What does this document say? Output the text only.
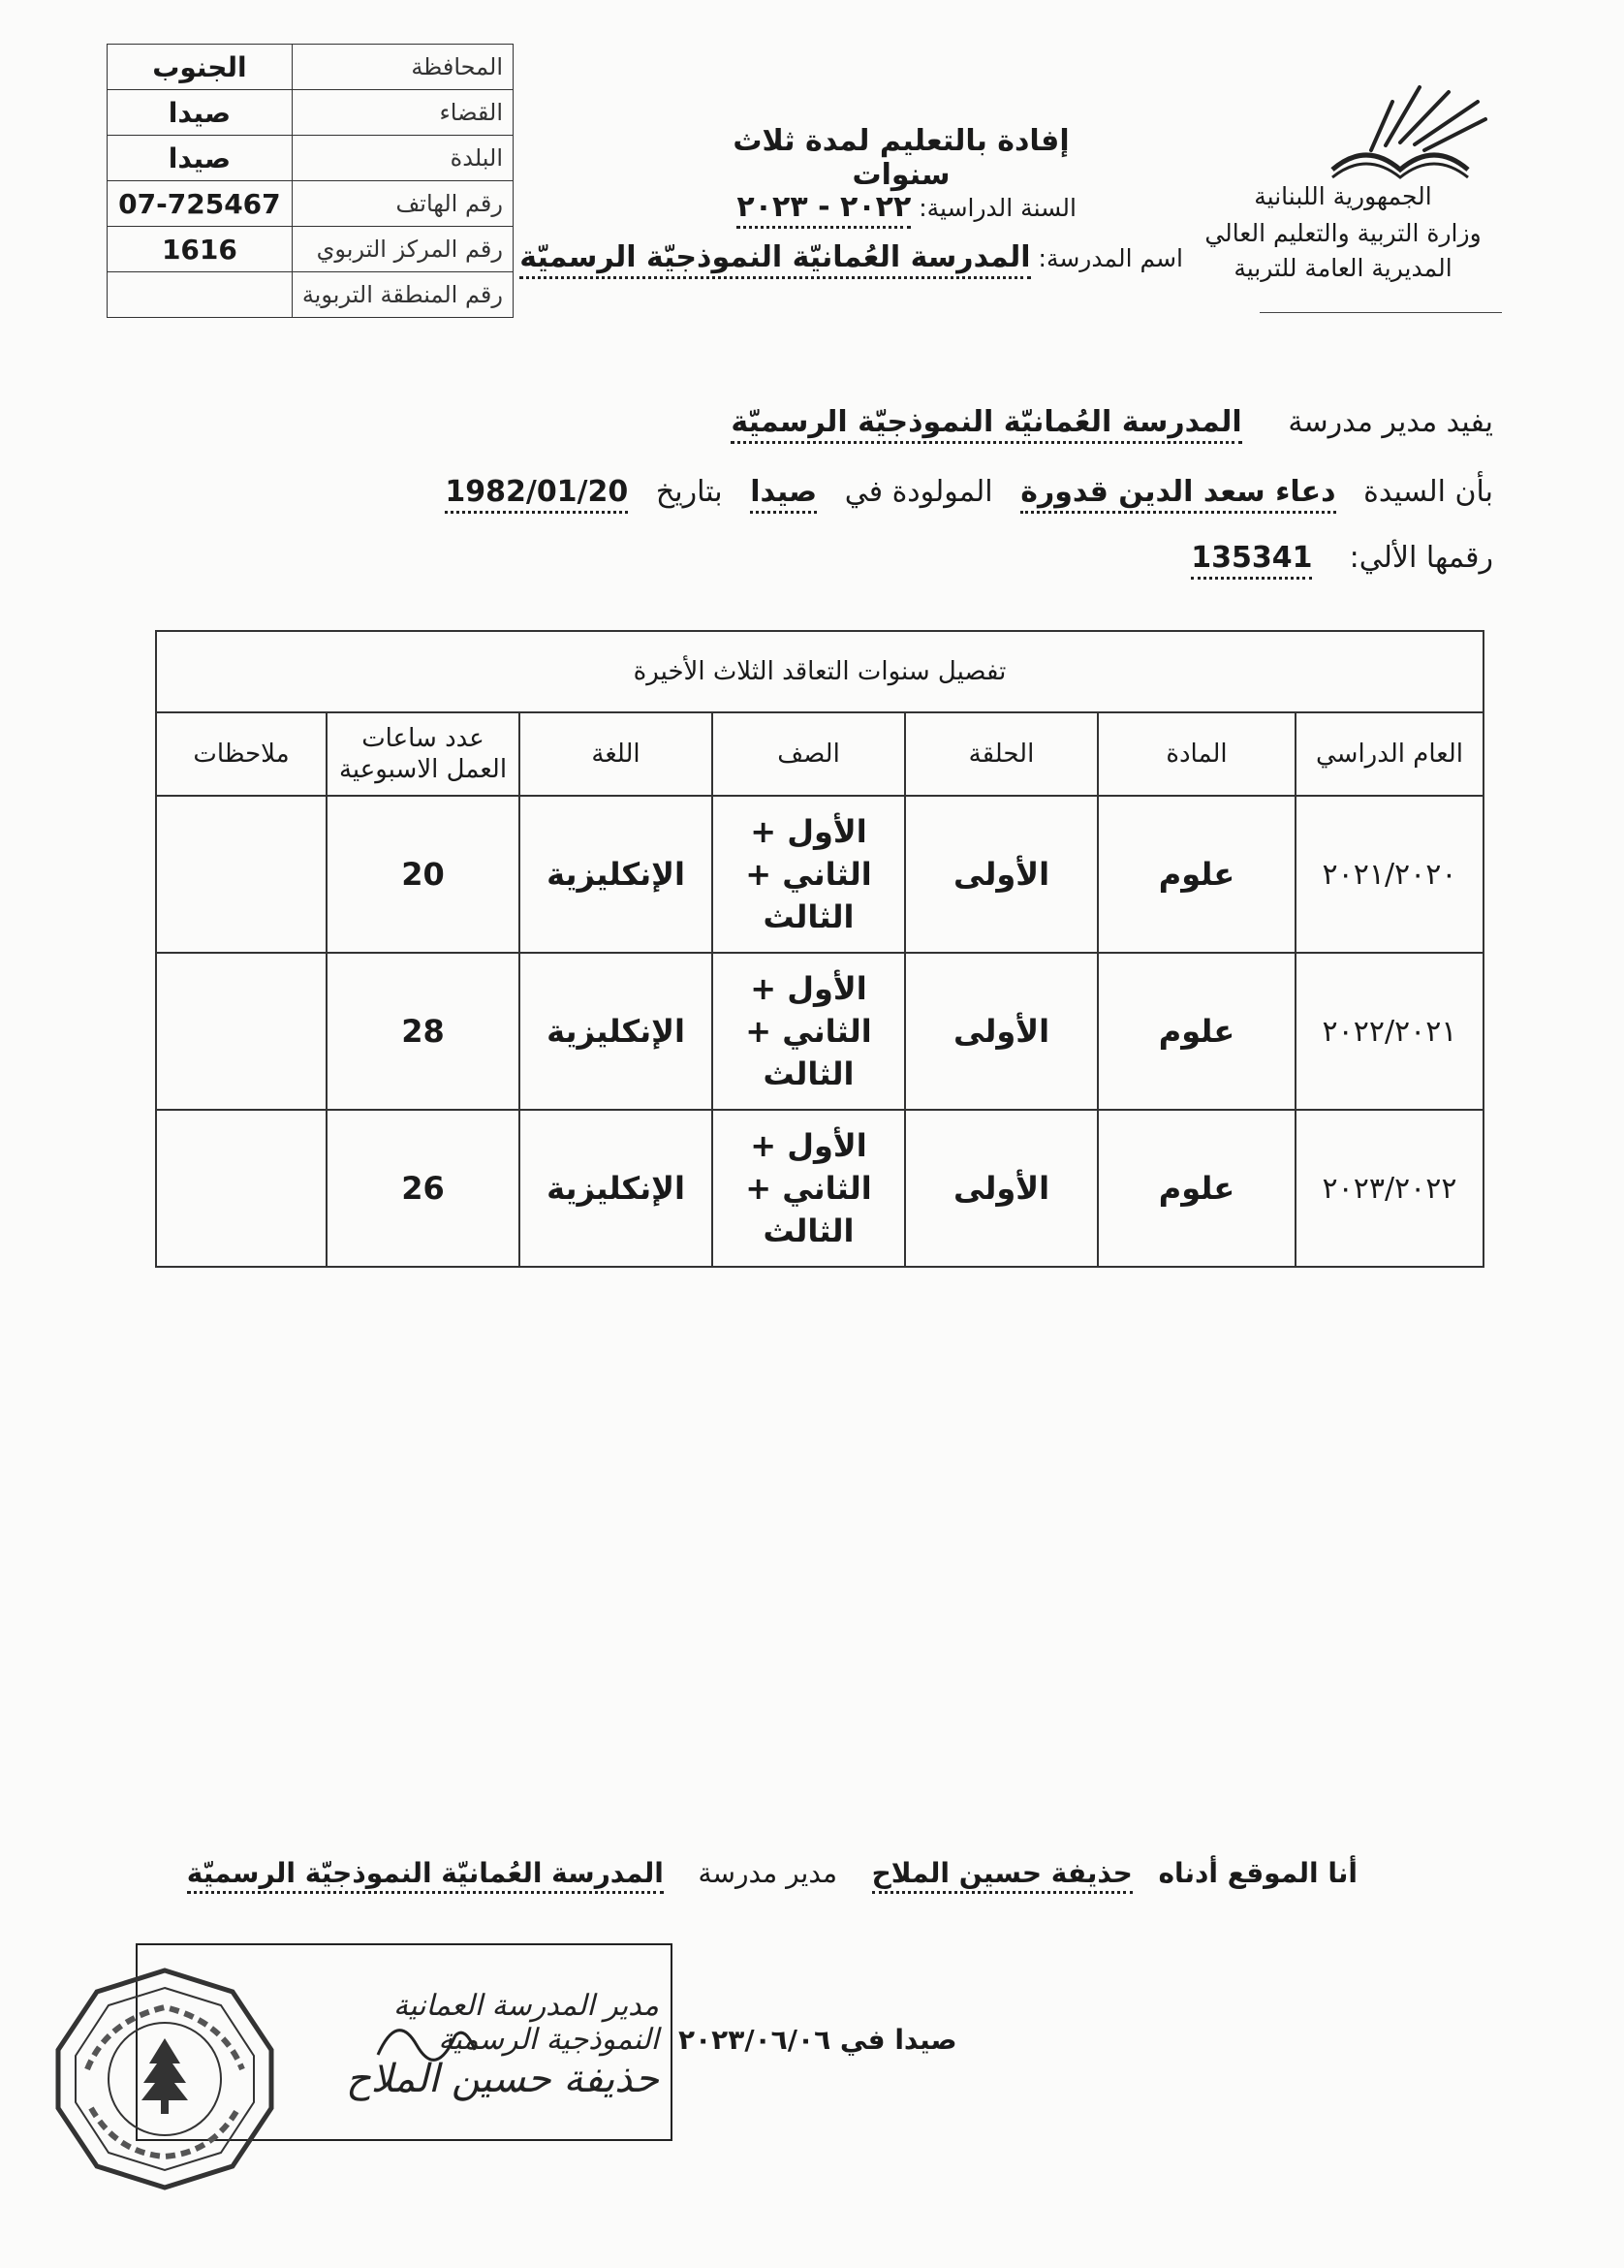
المحافظة	الجنوب
القضاء	صيدا
البلدة	صيدا
رقم الهاتف	07-725467
رقم المركز التربوي	1616
رقم المنطقة التربوية	
الجمهورية اللبنانية
وزارة التربية والتعليم العالي
المديرية العامة للتربية
إفادة بالتعليم لمدة ثلاث سنوات
السنة الدراسية: ٢٠٢٢ - ٢٠٢٣
اسم المدرسة: المدرسة العُمانيّة النموذجيّة الرسميّة
يفيد مدير مدرسة     المدرسة العُمانيّة النموذجيّة الرسميّة
بأن السيدة   دعاء سعد الدين قدورة   المولودة في   صيدا   بتاريخ   1982/01/20
رقمها الألي:    135341
تفصيل سنوات التعاقد الثلاث الأخيرة						
العام الدراسي	المادة	الحلقة	الصف	اللغة	عدد ساعات
العمل الاسبوعية	ملاحظات
٢٠٢١/٢٠٢٠	علوم	الأولى	الأول +
الثاني +
الثالث	الإنكليزية	20	
٢٠٢٢/٢٠٢١	علوم	الأولى	الأول +
الثاني +
الثالث	الإنكليزية	28	
٢٠٢٣/٢٠٢٢	علوم	الأولى	الأول +
الثاني +
الثالث	الإنكليزية	26	
أنا الموقع أدناه   حذيفة حسين الملاح    مدير مدرسة    المدرسة العُمانيّة النموذجيّة الرسميّة
مدير المدرسة العمانية النموذجية الرسمية
حذيفة حسين الملاح
صيدا في ٢٠٢٣/٠٦/٠٦
